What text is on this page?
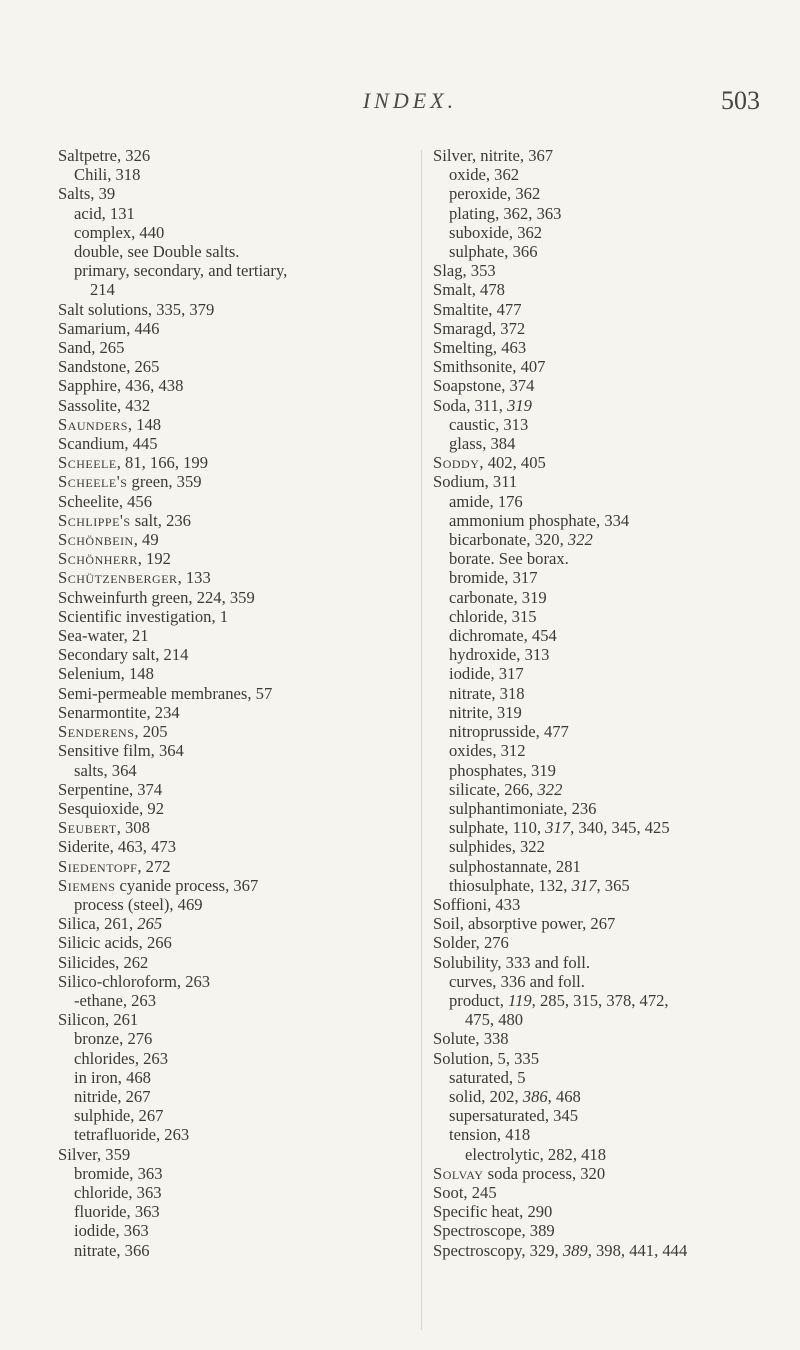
INDEX.	503
Saltpetre, 326
Chili, 318
Salts, 39
acid, 131
complex, 440
double, see Double salts.
primary, secondary, and tertiary,
214
Salt solutions, 335, 379
Samarium, 446
Sand, 265
Sandstone, 265
Sapphire, 436, 438
Sassolite, 432
Saunders, 148
Scandium, 445
Scheele, 81, 166, 199
Scheele's green, 359
Scheelite, 456
Schlippe's salt, 236
Schönbein, 49
Schönherr, 192
Schützenberger, 133
Schweinfurth green, 224, 359
Scientific investigation, 1
Sea-water, 21
Secondary salt, 214
Selenium, 148
Semi-permeable membranes, 57
Senarmontite, 234
Senderens, 205
Sensitive film, 364
salts, 364
Serpentine, 374
Sesquioxide, 92
Seubert, 308
Siderite, 463, 473
Siedentopf, 272
Siemens cyanide process, 367
process (steel), 469
Silica, 261, 265
Silicic acids, 266
Silicides, 262
Silico-chloroform, 263
-ethane, 263
Silicon, 261
bronze, 276
chlorides, 263
in iron, 468
nitride, 267
sulphide, 267
tetrafluoride, 263
Silver, 359
bromide, 363
chloride, 363
fluoride, 363
iodide, 363
nitrate, 366
Silver, nitrite, 367
oxide, 362
peroxide, 362
plating, 362, 363
suboxide, 362
sulphate, 366
Slag, 353
Smalt, 478
Smaltite, 477
Smaragd, 372
Smelting, 463
Smithsonite, 407
Soapstone, 374
Soda, 311, 319
caustic, 313
glass, 384
Soddy, 402, 405
Sodium, 311
amide, 176
ammonium phosphate, 334
bicarbonate, 320, 322
borate. See borax.
bromide, 317
carbonate, 319
chloride, 315
dichromate, 454
hydroxide, 313
iodide, 317
nitrate, 318
nitrite, 319
nitroprusside, 477
oxides, 312
phosphates, 319
silicate, 266, 322
sulphantimoniate, 236
sulphate, 110, 317, 340, 345, 425
sulphides, 322
sulphostannate, 281
thiosulphate, 132, 317, 365
Soffioni, 433
Soil, absorptive power, 267
Solder, 276
Solubility, 333 and foll.
curves, 336 and foll.
product, 119, 285, 315, 378, 472,
475, 480
Solute, 338
Solution, 5, 335
saturated, 5
solid, 202, 386, 468
supersaturated, 345
tension, 418
electrolytic, 282, 418
Solvay soda process, 320
Soot, 245
Specific heat, 290
Spectroscope, 389
Spectroscopy, 329, 389, 398, 441, 444
